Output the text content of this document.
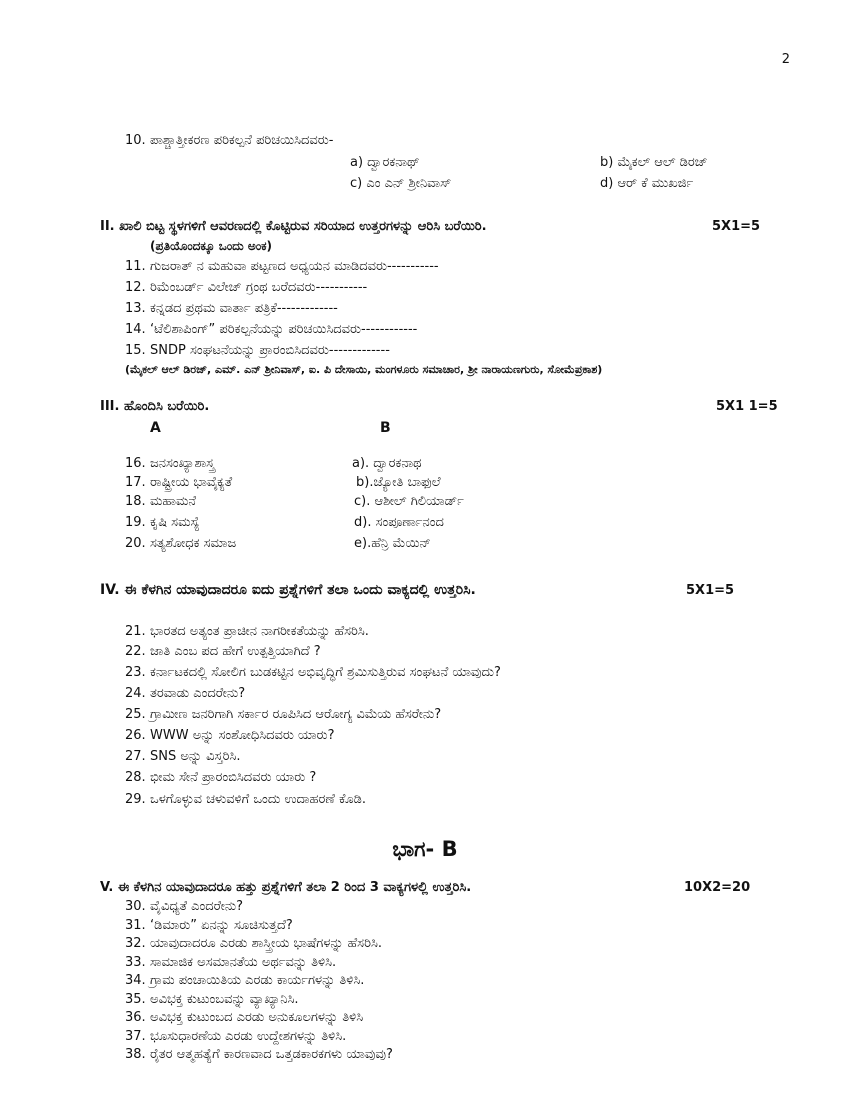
2
10. ಪಾಶ್ಚಾತ್ತೀಕರಣ ಪರಿಕಲ್ಪನೆ ಪರಿಚಯಿಸಿದವರು-
a) ದ್ವಾರಕನಾಥ್	b) ಮೈಕಲ್ ಆಲ್ ಡಿರಜ್
c) ಎಂ ಎನ್ ಶ್ರೀನಿವಾಸ್	d) ಆರ್ ಕೆ ಮುಖರ್ಜಿ
II. ಖಾಲಿ ಬಿಟ್ಟ ಸ್ಥಳಗಳಿಗೆ ಆವರಣದಲ್ಲಿ ಕೊಟ್ಟಿರುವ ಸರಿಯಾದ ಉತ್ತರಗಳನ್ನು ಆರಿಸಿ ಬರೆಯಿರಿ.	5X1=5
(ಪ್ರತಿಯೊಂದಕ್ಕೂ ಒಂದು ಅಂಕ)
11. ಗುಜರಾತ್ ನ ಮಹುವಾ ಪಟ್ಟಣದ ಅಧ್ಯಯನ ಮಾಡಿದವರು-----------
12. ರಿಮೆಂಬರ್ಡ್ ವಿಲೇಜ್ ಗ್ರಂಥ ಬರೆದವರು-----------
13. ಕನ್ನಡದ ಪ್ರಥಮ ವಾರ್ತಾ ಪತ್ರಿಕೆ-------------
14. ‘ಟೆಲಿಶಾಪಿಂಗ್” ಪರಿಕಲ್ಪನೆಯನ್ನು ಪರಿಚಯಿಸಿದವರು------------
15. SNDP ಸಂಘಟನೆಯನ್ನು ಪ್ರಾರಂಬಿಸಿದವರು-------------
(ಮೈಕಲ್ ಆಲ್ ಡಿರಜ್, ಎಮ್. ಎನ್ ಶ್ರೀನಿವಾಸ್, ಐ. ಪಿ ದೇಸಾಯಿ, ಮಂಗಳೂರು ಸಮಾಚಾರ, ಶ್ರೀ ನಾರಾಯಣಗುರು, ಸೋಮೆಪ್ರಕಾಶ)
III. ಹೊಂದಿಸಿ ಬರೆಯಿರಿ.	5X1 1=5
A	B
16. ಜನಸಂಖ್ಯಾಶಾಸ್ತ್ರ	a). ದ್ವಾರಕನಾಥ
17. ರಾಷ್ಟ್ರೀಯ ಭಾವೈಕ್ಯತೆ	b).ಜ್ಯೋತಿ ಬಾಫುಲೆ
18. ಮಹಾಮನೆ	c). ಆಶೀಲ್ ಗಿಲಿಯಾರ್ಡ್
19. ಕೃಷಿ ಸಮಸ್ಯೆ	d). ಸಂಪೂರ್ಣಾನಂದ
20. ಸತ್ಯಶೋಧಕ ಸಮಾಜ	e).ಹೆನ್ರಿ ಮೆಯಿನ್
IV. ಈ ಕೆಳಗಿನ ಯಾವುದಾದರೂ ಐದು ಪ್ರಶ್ನೆಗಳಿಗೆ ತಲಾ ಒಂದು ವಾಕ್ಯದಲ್ಲಿ ಉತ್ತರಿಸಿ.	5X1=5
21. ಭಾರತದ ಅತ್ಯಂತ ಪ್ರಾಚೀನ ನಾಗರೀಕತೆಯನ್ನು ಹೆಸರಿಸಿ.
22. ಜಾತಿ ಎಂಬ ಪದ ಹೇಗೆ ಉತ್ಪತ್ತಿಯಾಗಿದೆ ?
23. ಕರ್ನಾಟಕದಲ್ಲಿ ಸೋಲಿಗ ಬುಡಕಟ್ಟಿನ ಅಭಿವೃದ್ಧಿಗೆ ಶ್ರಮಿಸುತ್ತಿರುವ ಸಂಘಟನೆ ಯಾವುದು?
24. ತರವಾಡು ಎಂದರೇನು?
25. ಗ್ರಾಮೀಣ ಜನರಿಗಾಗಿ ಸರ್ಕಾರ ರೂಪಿಸಿದ ಆರೋಗ್ಯ ವಿಮೆಯ ಹೆಸರೇನು?
26. WWW ಅನ್ನು ಸಂಶೋಧಿಸಿದವರು ಯಾರು?
27. SNS ಅನ್ನು ವಿಸ್ತರಿಸಿ.
28. ಭೀಮ ಸೇನೆ ಪ್ರಾರಂಬಿಸಿದವರು ಯಾರು ?
29. ಒಳಗೊಳ್ಳುವ ಚಳುವಳಿಗೆ ಒಂದು ಉದಾಹರಣೆ ಕೊಡಿ.
ಭಾಗ- B
V. ಈ ಕೆಳಗಿನ ಯಾವುದಾದರೂ ಹತ್ತು ಪ್ರಶ್ನೆಗಳಿಗೆ ತಲಾ 2 ರಿಂದ 3 ವಾಕ್ಯಗಳಲ್ಲಿ ಉತ್ತರಿಸಿ.	10X2=20
30. ವೈವಿಧ್ಯತೆ ಎಂದರೇನು?
31. ‘ಡಿಮಾರು” ಏನನ್ನು ಸೂಚಿಸುತ್ತದೆ?
32. ಯಾವುದಾದರೂ ಎರಡು ಶಾಸ್ತ್ರೀಯ ಭಾಷೆಗಳನ್ನು ಹೆಸರಿಸಿ.
33. ಸಾಮಾಜಿಕ ಅಸಮಾನತೆಯ ಅರ್ಥವನ್ನು ತಿಳಿಸಿ.
34. ಗ್ರಾಮ ಪಂಚಾಯಿತಿಯ ಎರಡು ಕಾರ್ಯಗಳನ್ನು ತಿಳಿಸಿ.
35. ಅವಿಭಕ್ತ ಕುಟುಂಬವನ್ನು ವ್ಯಾಖ್ಯಾನಿಸಿ.
36. ಅವಿಭಕ್ತ ಕುಟುಂಬದ ಎರಡು ಅನುಕೂಲಗಳನ್ನು ತಿಳಿಸಿ
37. ಭೂಸುಧಾರಣೆಯ ಎರಡು ಉದ್ದೇಶಗಳನ್ನು ತಿಳಿಸಿ.
38. ರೈತರ ಆತ್ಮಹತ್ಯೆಗೆ ಕಾರಣವಾದ ಒತ್ತಡಕಾರಕಗಳು ಯಾವುವು?
